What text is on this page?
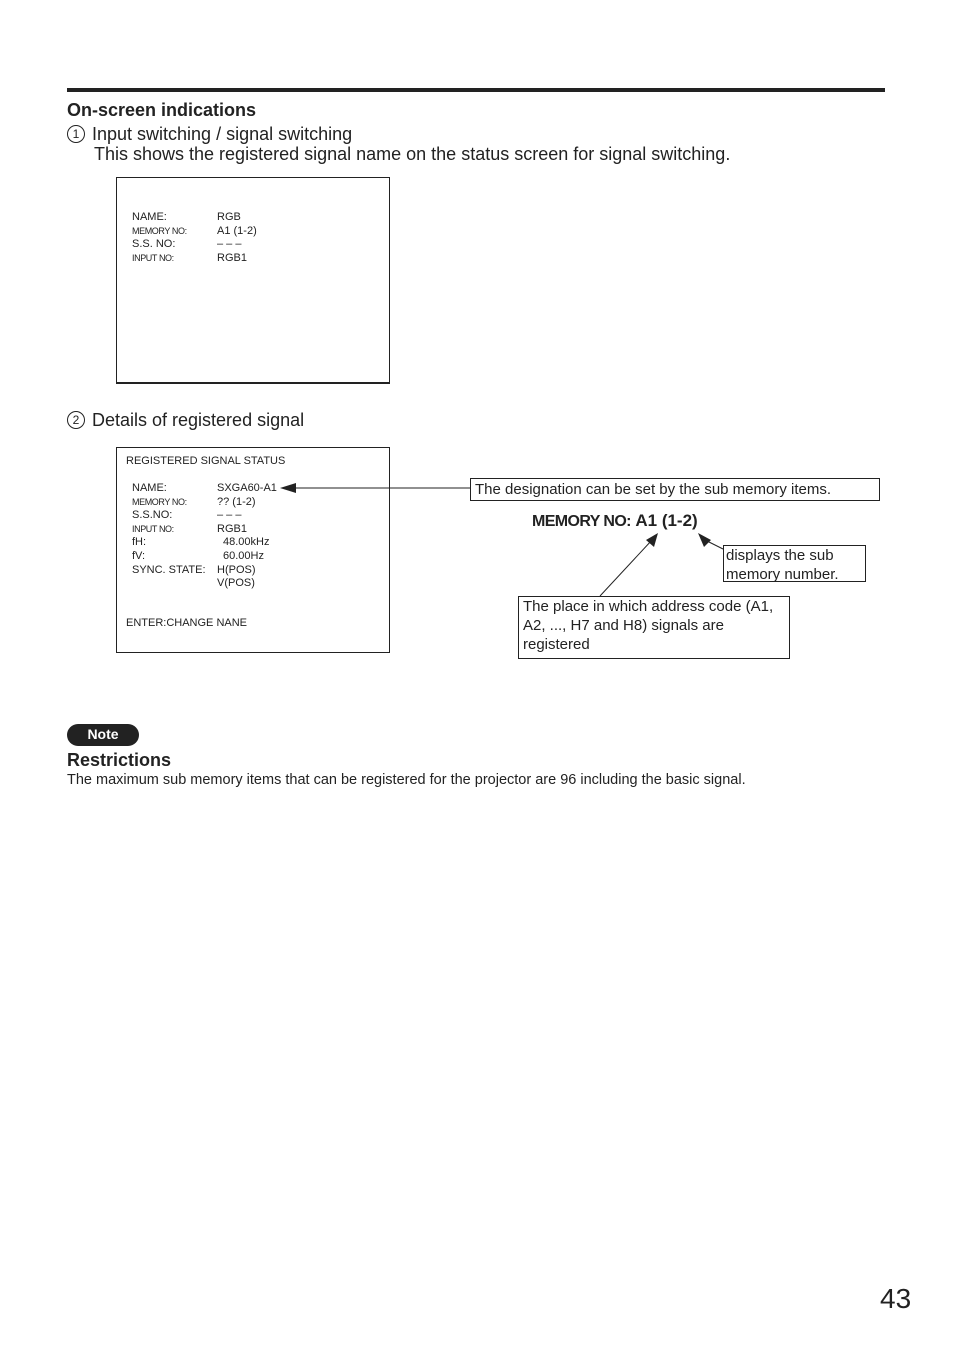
On-screen indications
1 Input switching / signal switching
This shows the registered signal name on the status screen for signal switching.
NAME:
MEMORY NO:
S.S. NO:
INPUT NO:
RGB
A1 (1-2)
– – –
RGB1
2 Details of registered signal
REGISTERED SIGNAL STATUS
NAME:
MEMORY NO:
S.S.NO:
INPUT NO:
fH:
fV:
SYNC. STATE:

SXGA60-A1
?? (1-2)
– – –
RGB1
48.00kHz
60.00Hz
H(POS)
V(POS)
ENTER:CHANGE NANE
The designation can be set by the sub memory items.
MEMORY NO: A1 (1-2)
displays the sub memory number.
The place in which address code (A1, A2, ..., H7 and H8) signals are registered
Note
Restrictions
The maximum sub memory items that can be registered for the projector are 96 including the basic signal.
43
